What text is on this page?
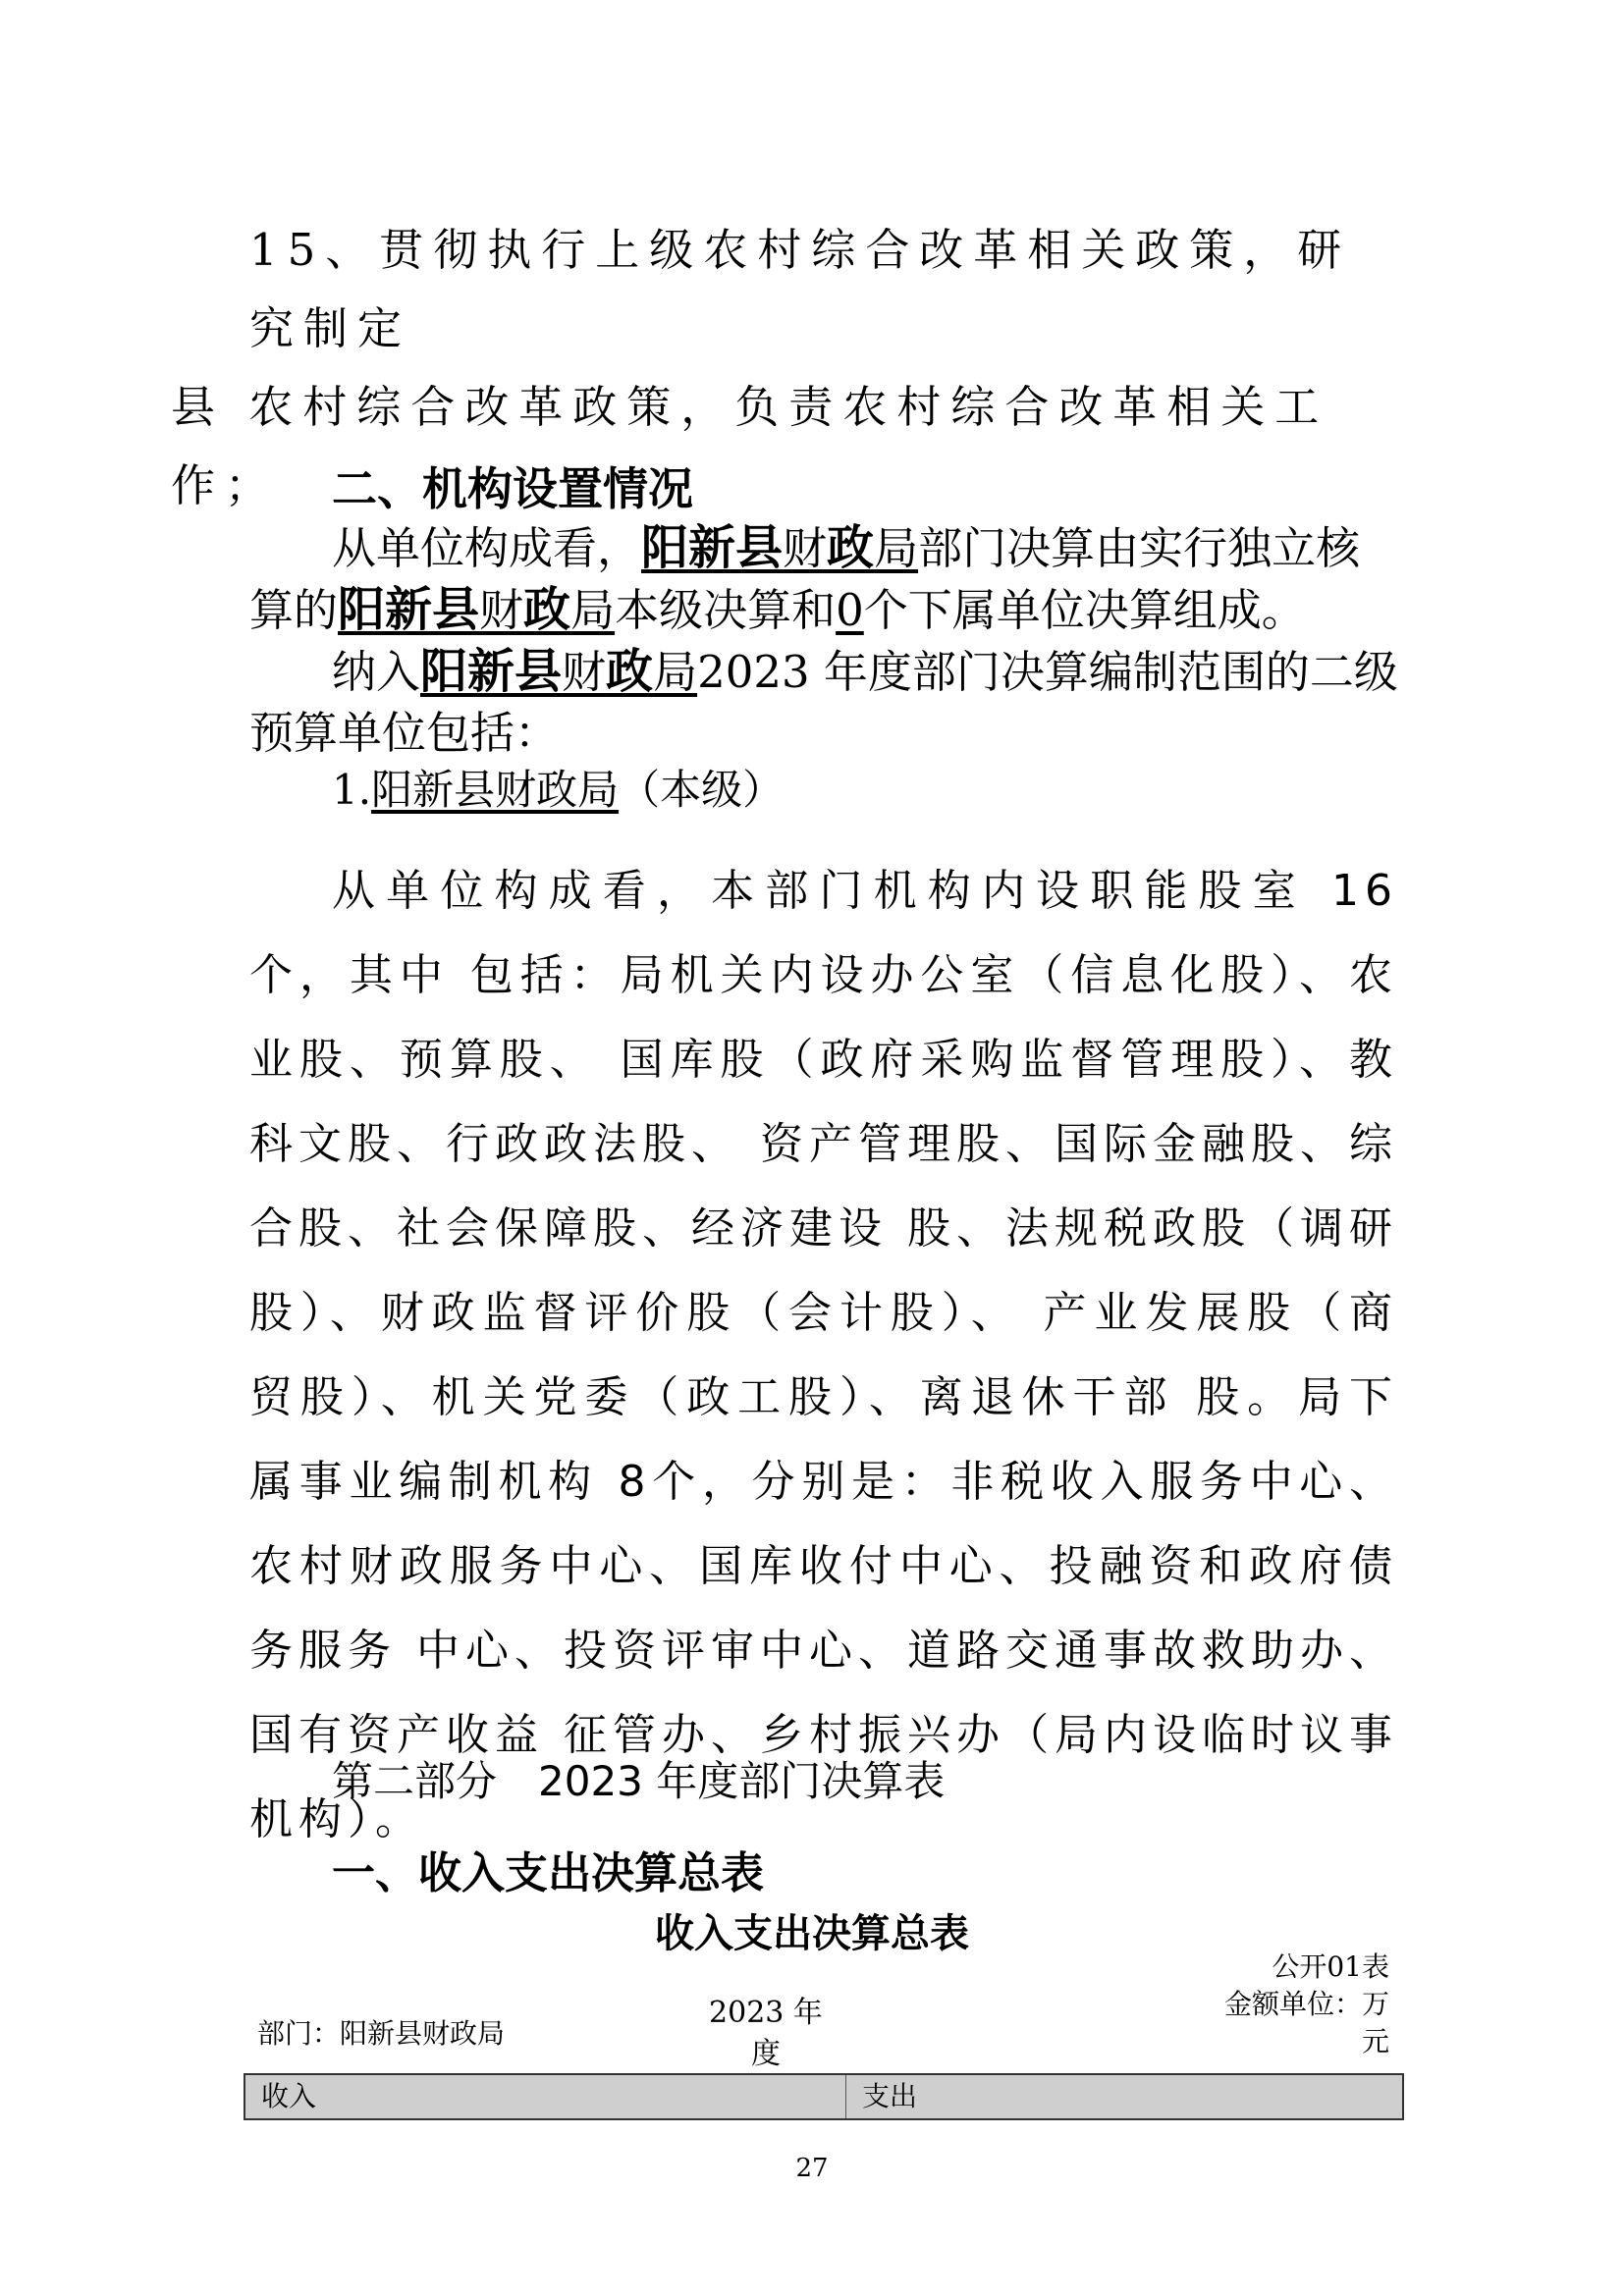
15、贯彻执行上级农村综合改革相关政策，研究制定
县 农村综合改革政策，负责农村综合改革相关工作；	二、机构设置情况
从单位构成看，阳新县财政局部门决算由实行独立核
算的阳新县财政局本级决算和0个下属单位决算组成。
纳入阳新县财政局2023 年度部门决算编制范围的二级
预算单位包括：
1.阳新县财政局（本级）
从单位构成看，本部门机构内设职能股室 16 个，其中 包括：局机关内设办公室（信息化股）、农业股、预算股、 国库股（政府采购监督管理股）、教科文股、行政政法股、 资产管理股、国际金融股、综合股、社会保障股、经济建设 股、法规税政股（调研股）、财政监督评价股（会计股）、 产业发展股（商贸股）、机关党委（政工股）、离退休干部 股。局下属事业编制机构 8个，分别是：非税收入服务中心、 农村财政服务中心、国库收付中心、投融资和政府债务服务 中心、投资评审中心、道路交通事故救助办、国有资产收益 征管办、乡村振兴办（局内设临时议事机构）。
第二部分　2023 年度部门决算表
一、收入支出决算总表
收入支出决算总表
部门：阳新县财政局
2023 年度
公开01表
金额单位：万元
收入	支出
27
